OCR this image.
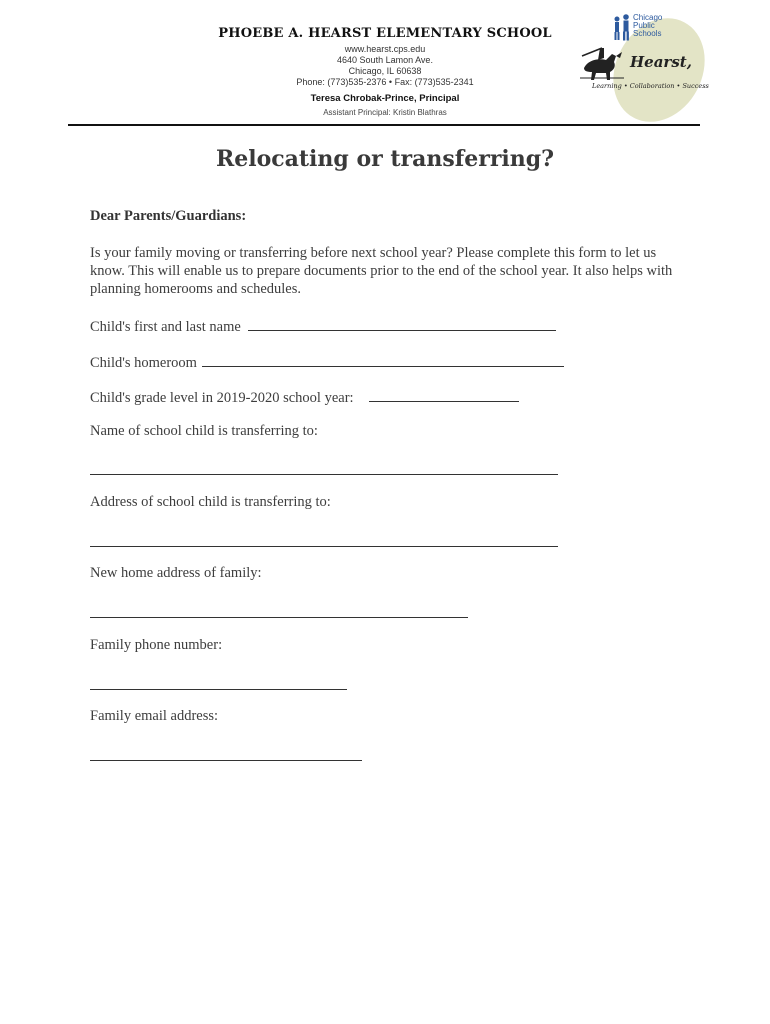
PHOEBE A. HEARST ELEMENTARY SCHOOL
www.hearst.cps.edu
4640 South Lamon Ave.
Chicago, IL 60638
Phone: (773)535-2376 • Fax: (773)535-2341
Teresa Chrobak-Prince, Principal
Assistant Principal: Kristin Blathras
Chicago
Public
Schools
Hearst,
Learning • Collaboration • Success
Relocating or transferring?
Dear Parents/Guardians:
Is your family moving or transferring before next school year? Please complete this form to let us know. This will enable us to prepare documents prior to the end of the school year. It also helps with planning homerooms and schedules.
Child's first and last name
Child's homeroom
Child's grade level in 2019-2020 school year:
Name of school child is transferring to:
Address of school child is transferring to:
New home address of family:
Family phone number:
Family email address:
